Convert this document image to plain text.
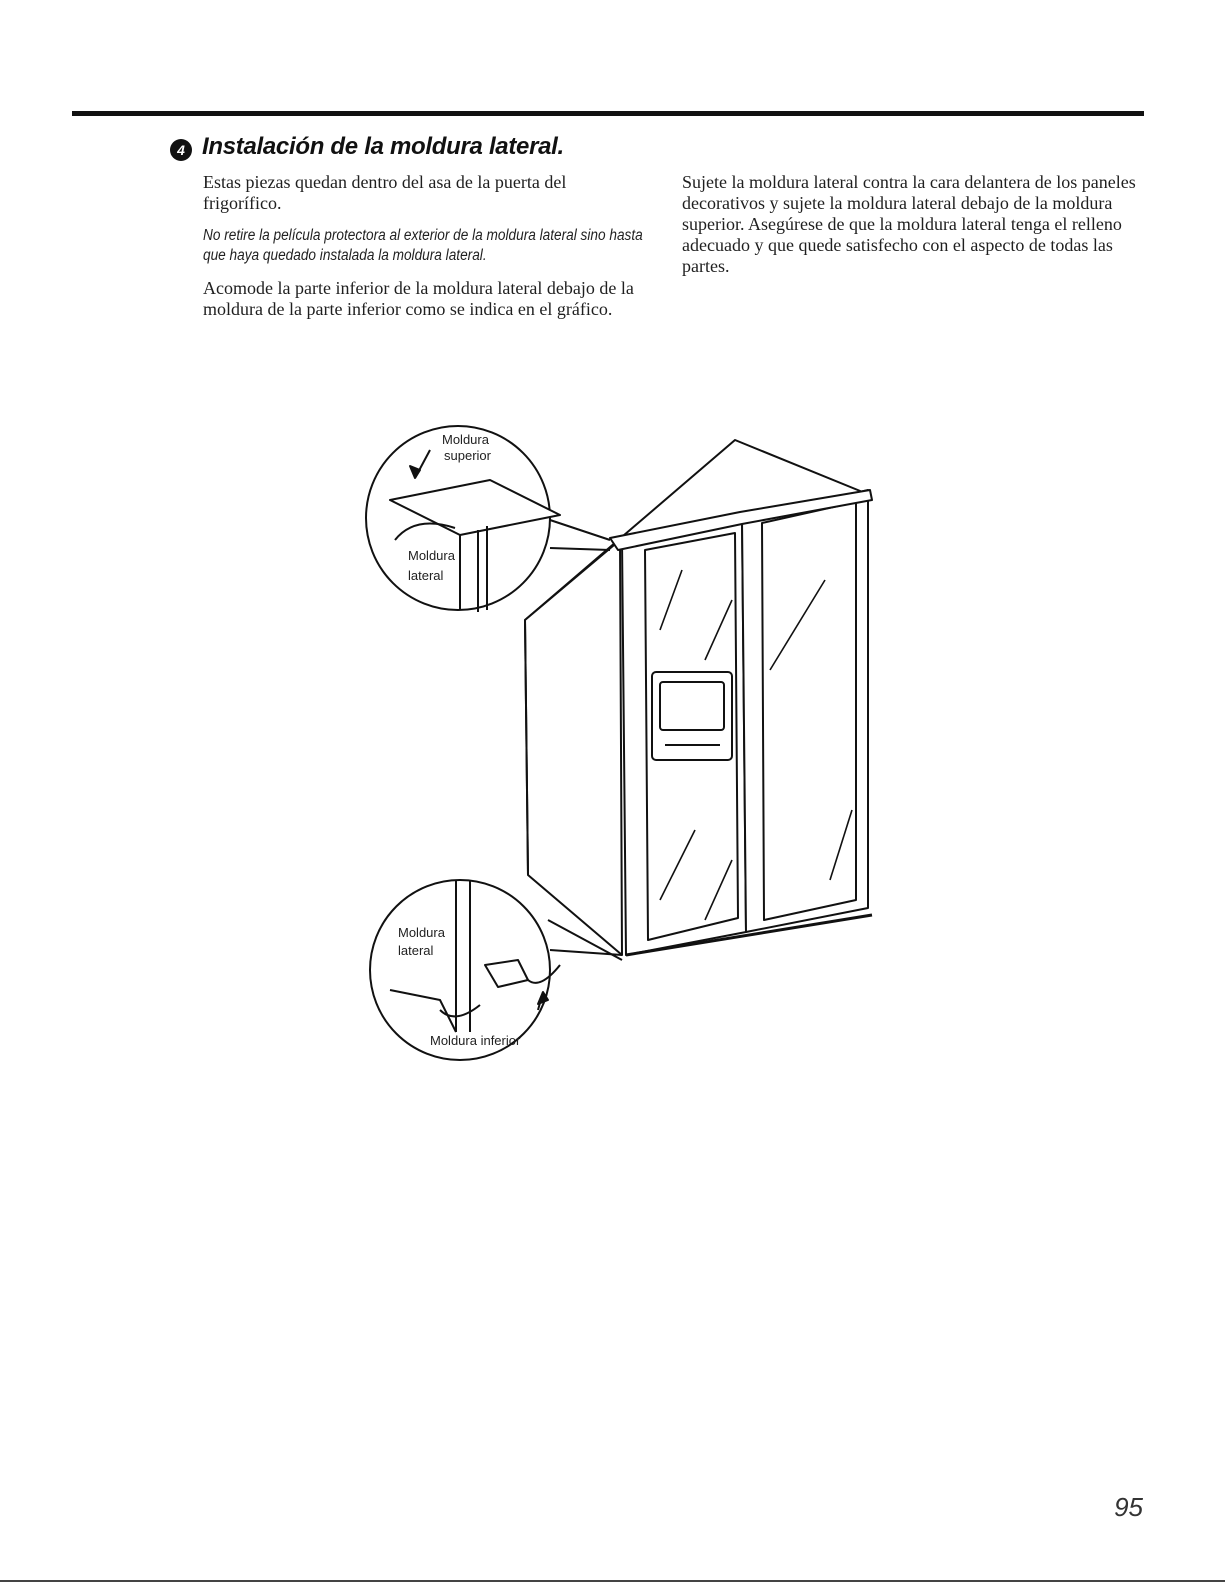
4 Instalación de la moldura lateral.

Estas piezas quedan dentro del asa de la puerta del frigorífico.

No retire la película protectora al exterior de la moldura lateral sino hasta que haya quedado instalada la moldura lateral.

Acomode la parte inferior de la moldura lateral debajo de la moldura de la parte inferior como se indica en el gráfico.

Sujete la moldura lateral contra la cara delantera de los paneles decorativos y sujete la moldura lateral debajo de la moldura superior. Asegúrese de que la moldura lateral tenga el relleno adecuado y que quede satisfecho con el aspecto de todas las partes.

Moldura
superior
Moldura
lateral
Moldura
lateral
Moldura inferior
95
